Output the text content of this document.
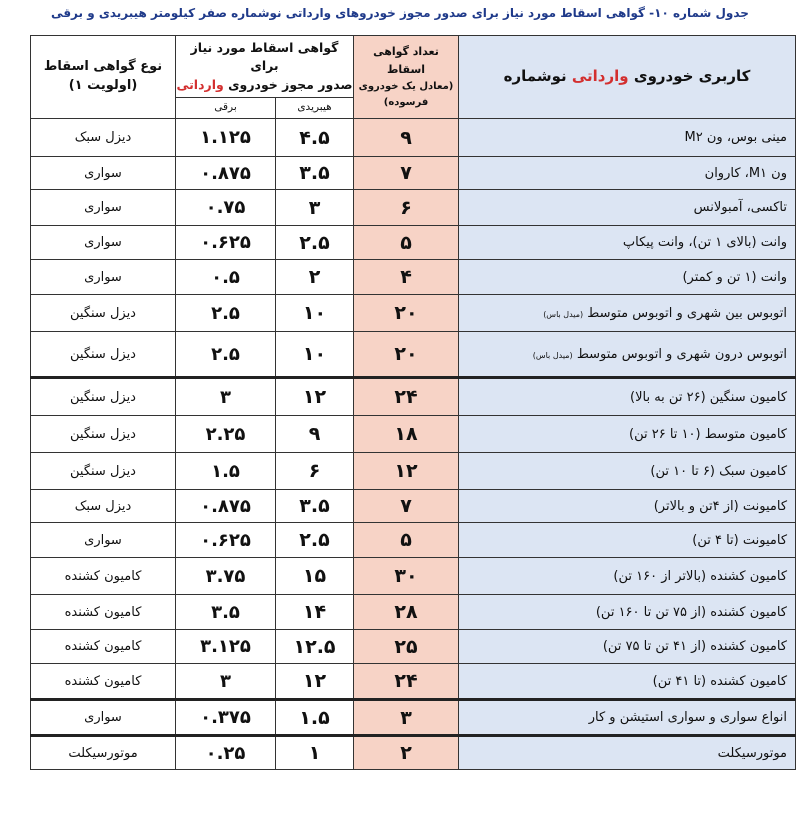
جدول شماره ۱۰- گواهی اسقاط مورد نیاز برای صدور مجوز خودروهای وارداتی نوشماره صفر کیلومتر هیبریدی و برقی
کاربری خودروی وارداتی نوشماره	تعداد گواهی اسقاط

(معادل یک خودروی
فرسوده)	گواهی اسقاط مورد نیاز برای
صدور مجوز خودروی وارداتی		نوع گواهی اسقاط
(اولویت ۱)
		هیبریدی	برقی	
مینی بوس، ون M۲	۹	۴.۵	۱.۱۲۵	دیزل سبک
ون M۱، کاروان	۷	۳.۵	۰.۸۷۵	سواری
تاکسی، آمبولانس	۶	۳	۰.۷۵	سواری
وانت (بالای ۱ تن)، وانت پیکاپ	۵	۲.۵	۰.۶۲۵	سواری
وانت (۱ تن و کمتر)	۴	۲	۰.۵	سواری
اتوبوس بین شهری و اتوبوس متوسط (میدل باس)	۲۰	۱۰	۲.۵	دیزل سنگین
اتوبوس درون شهری و اتوبوس متوسط (میدل باس)	۲۰	۱۰	۲.۵	دیزل سنگین
کامیون سنگین (۲۶ تن به بالا)	۲۴	۱۲	۳	دیزل سنگین
کامیون متوسط (۱۰ تا ۲۶ تن)	۱۸	۹	۲.۲۵	دیزل سنگین
کامیون سبک (۶ تا ۱۰ تن)	۱۲	۶	۱.۵	دیزل سنگین
کامیونت (از ۴تن و بالاتر)	۷	۳.۵	۰.۸۷۵	دیزل سبک
کامیونت (تا ۴ تن)	۵	۲.۵	۰.۶۲۵	سواری
کامیون کشنده (بالاتر از ۱۶۰ تن)	۳۰	۱۵	۳.۷۵	کامیون کشنده
کامیون کشنده (از ۷۵ تن تا ۱۶۰ تن)	۲۸	۱۴	۳.۵	کامیون کشنده
کامیون کشنده (از ۴۱ تن تا ۷۵ تن)	۲۵	۱۲.۵	۳.۱۲۵	کامیون کشنده
کامیون کشنده (تا ۴۱ تن)	۲۴	۱۲	۳	کامیون کشنده
انواع سواری و سواری استیشن و کار	۳	۱.۵	۰.۳۷۵	سواری
موتورسیکلت	۲	۱	۰.۲۵	موتورسیکلت
